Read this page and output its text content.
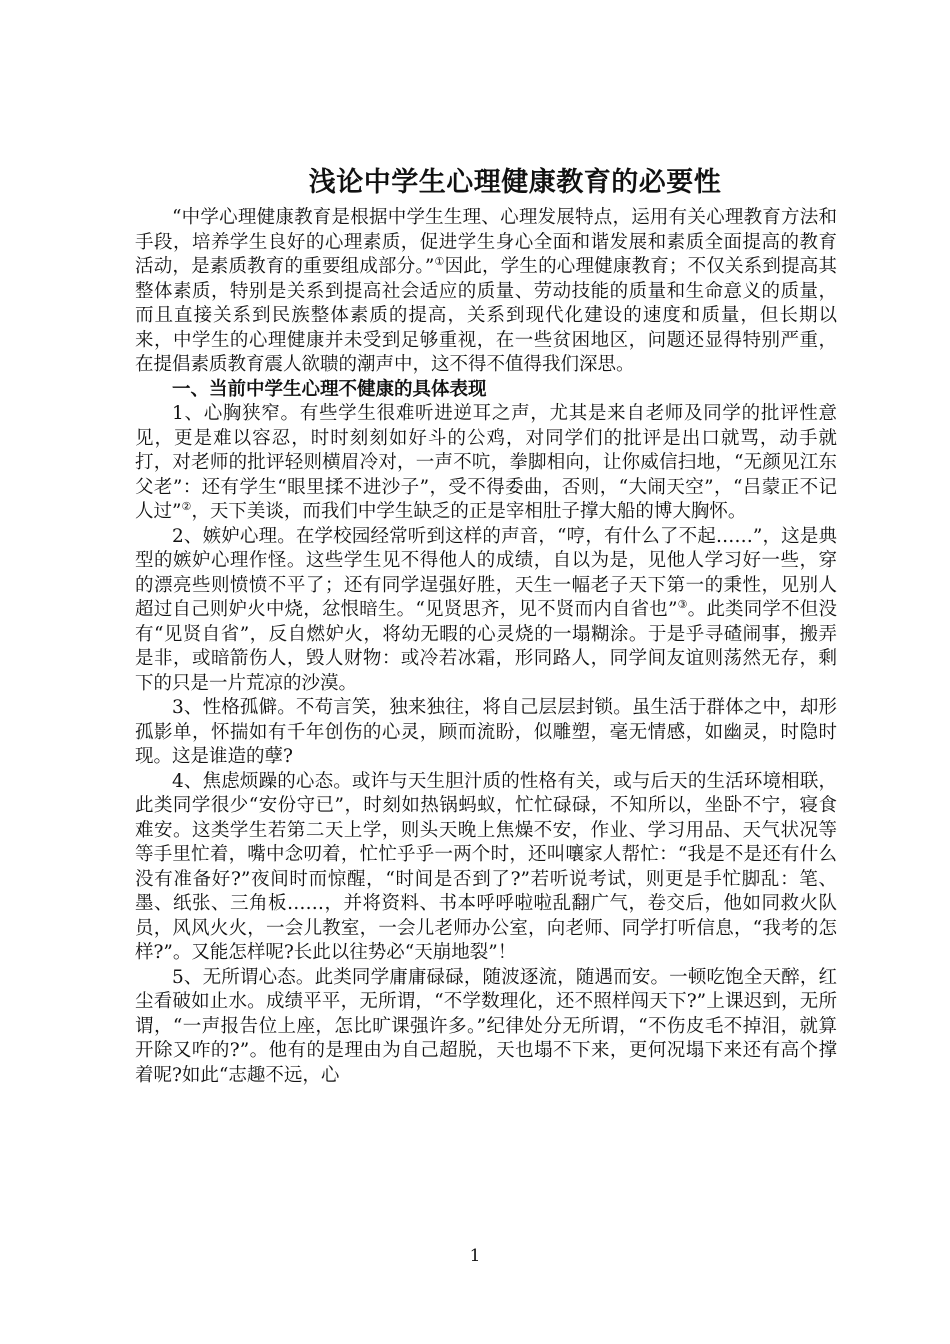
浅论中学生心理健康教育的必要性

“中学心理健康教育是根据中学生生理、心理发展特点，运用有关心理教育方法和手段，培养学生良好的心理素质，促进学生身心全面和谐发展和素质全面提高的教育活动，是素质教育的重要组成部分。”①因此，学生的心理健康教育；不仅关系到提高其整体素质，特别是关系到提高社会适应的质量、劳动技能的质量和生命意义的质量，而且直接关系到民族整体素质的提高，关系到现代化建设的速度和质量，但长期以来，中学生的心理健康并未受到足够重视，在一些贫困地区，问题还显得特别严重，在提倡素质教育震人欲聩的潮声中，这不得不值得我们深思。

一、当前中学生心理不健康的具体表现

1、心胸狭窄。有些学生很难听进逆耳之声，尤其是来自老师及同学的批评性意见，更是难以容忍，时时刻刻如好斗的公鸡，对同学们的批评是出口就骂，动手就打，对老师的批评轻则横眉冷对，一声不吭，拳脚相向，让你威信扫地，“无颜见江东父老”：还有学生“眼里揉不进沙子”，受不得委曲，否则，“大闹天空”，“吕蒙正不记人过”②，天下美谈，而我们中学生缺乏的正是宰相肚子撑大船的博大胸怀。

2、嫉妒心理。在学校园经常听到这样的声音，“哼，有什么了不起……”，这是典型的嫉妒心理作怪。这些学生见不得他人的成绩，自以为是，见他人学习好一些，穿的漂亮些则愤愤不平了；还有同学逞强好胜，天生一幅老子天下第一的秉性，见别人超过自己则妒火中烧，忿恨暗生。“见贤思齐，见不贤而内自省也”③。此类同学不但没有“见贤自省”，反自燃妒火，将幼无暇的心灵烧的一塌糊涂。于是乎寻碴闹事，搬弄是非，或暗箭伤人，毁人财物：或冷若冰霜，形同路人，同学间友谊则荡然无存，剩下的只是一片荒凉的沙漠。

3、性格孤僻。不苟言笑，独来独往，将自己层层封锁。虽生活于群体之中，却形孤影单，怀揣如有千年创伤的心灵，顾而流盼，似雕塑，毫无情感，如幽灵，时隐时现。这是谁造的孽?

4、焦虑烦躁的心态。或许与天生胆汁质的性格有关，或与后天的生活环境相联，此类同学很少“安份守已”，时刻如热锅蚂蚁，忙忙碌碌，不知所以，坐卧不宁，寝食难安。这类学生若第二天上学，则头天晚上焦燥不安，作业、学习用品、天气状况等等手里忙着，嘴中念叨着，忙忙乎乎一两个时，还叫嚷家人帮忙：“我是不是还有什么没有准备好?”夜间时而惊醒，“时间是否到了?”若听说考试，则更是手忙脚乱：笔、墨、纸张、三角板……，并将资料、书本呼呼啦啦乱翻广气，卷交后，他如同救火队员，风风火火，一会儿教室，一会儿老师办公室，向老师、同学打听信息，“我考的怎样?”。又能怎样呢?长此以往势必“天崩地裂”！

5、无所谓心态。此类同学庸庸碌碌，随波逐流，随遇而安。一顿吃饱全天醉，红尘看破如止水。成绩平平，无所谓，“不学数理化，还不照样闯天下?”上课迟到，无所谓，“一声报告位上座，怎比旷课强许多。”纪律处分无所谓，“不伤皮毛不掉泪，就算开除又咋的?”。他有的是理由为自己超脱，天也塌不下来，更何况塌下来还有高个撑着呢?如此“志趣不远，心

1
